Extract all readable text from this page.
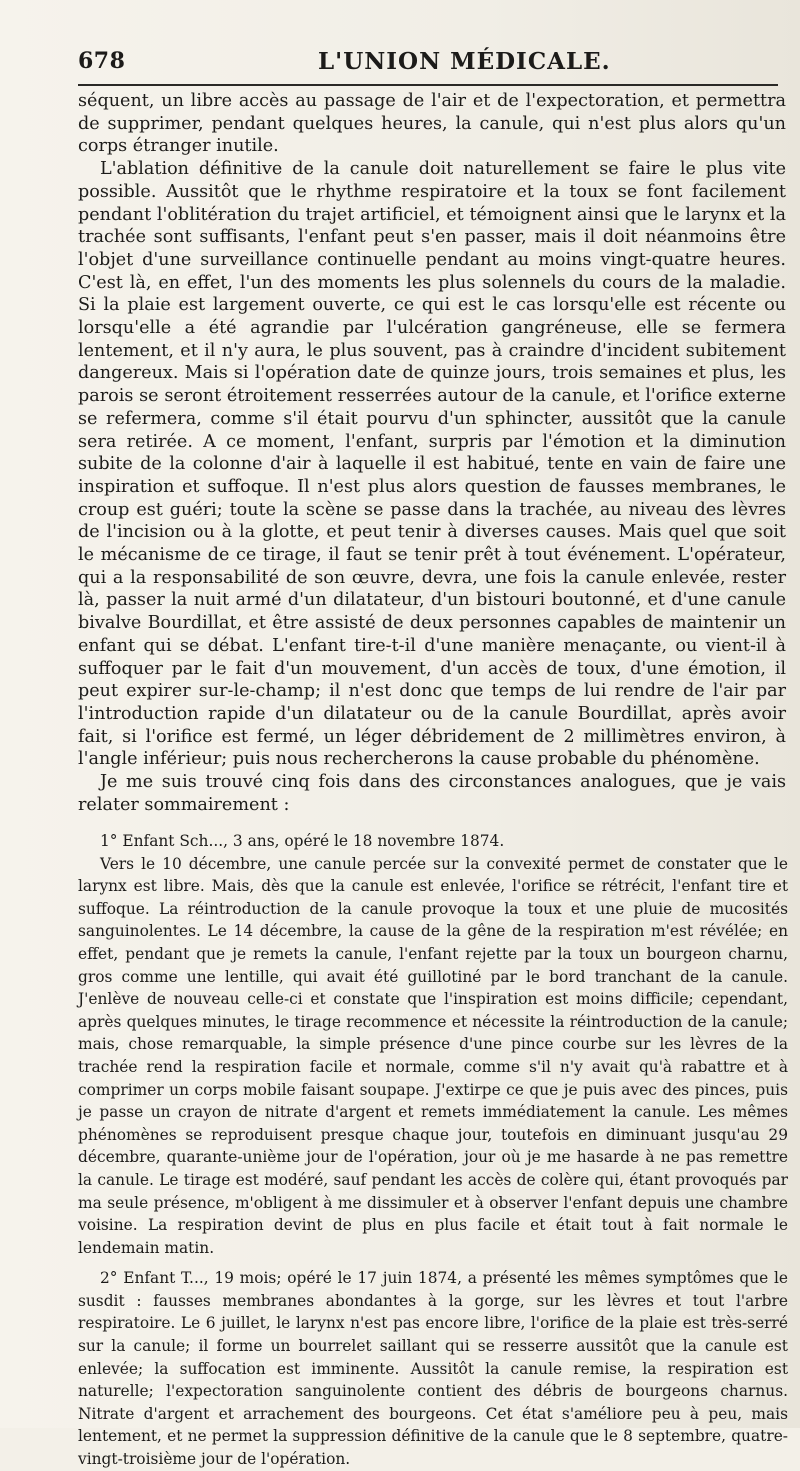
678	L'UNION MÉDICALE.

séquent, un libre accès au passage de l'air et de l'expectoration, et permettra de supprimer, pendant quelques heures, la canule, qui n'est plus alors qu'un corps étranger inutile.

L'ablation définitive de la canule doit naturellement se faire le plus vite possible. Aussitôt que le rhythme respiratoire et la toux se font facilement pendant l'oblitération du trajet artificiel, et témoignent ainsi que le larynx et la trachée sont suffisants, l'enfant peut s'en passer, mais il doit néanmoins être l'objet d'une surveillance continuelle pendant au moins vingt-quatre heures. C'est là, en effet, l'un des moments les plus solennels du cours de la maladie. Si la plaie est largement ouverte, ce qui est le cas lorsqu'elle est récente ou lorsqu'elle a été agrandie par l'ulcération gangréneuse, elle se fermera lentement, et il n'y aura, le plus souvent, pas à craindre d'incident subitement dangereux. Mais si l'opération date de quinze jours, trois semaines et plus, les parois se seront étroitement resserrées autour de la canule, et l'orifice externe se refermera, comme s'il était pourvu d'un sphincter, aussitôt que la canule sera retirée. A ce moment, l'enfant, surpris par l'émotion et la diminution subite de la colonne d'air à laquelle il est habitué, tente en vain de faire une inspiration et suffoque. Il n'est plus alors question de fausses membranes, le croup est guéri; toute la scène se passe dans la trachée, au niveau des lèvres de l'incision ou à la glotte, et peut tenir à diverses causes. Mais quel que soit le mécanisme de ce tirage, il faut se tenir prêt à tout événement. L'opérateur, qui a la responsabilité de son œuvre, devra, une fois la canule enlevée, rester là, passer la nuit armé d'un dilatateur, d'un bistouri boutonné, et d'une canule bivalve Bourdillat, et être assisté de deux personnes capables de maintenir un enfant qui se débat. L'enfant tire-t-il d'une manière menaçante, ou vient-il à suffoquer par le fait d'un mouvement, d'un accès de toux, d'une émotion, il peut expirer sur-le-champ; il n'est donc que temps de lui rendre de l'air par l'introduction rapide d'un dilatateur ou de la canule Bourdillat, après avoir fait, si l'orifice est fermé, un léger débridement de 2 millimètres environ, à l'angle inférieur; puis nous rechercherons la cause probable du phénomène.

Je me suis trouvé cinq fois dans des circonstances analogues, que je vais relater sommairement :

1° Enfant Sch..., 3 ans, opéré le 18 novembre 1874.

Vers le 10 décembre, une canule percée sur la convexité permet de constater que le larynx est libre. Mais, dès que la canule est enlevée, l'orifice se rétrécit, l'enfant tire et suffoque. La réintroduction de la canule provoque la toux et une pluie de mucosités sanguinolentes. Le 14 décembre, la cause de la gêne de la respiration m'est révélée; en effet, pendant que je remets la canule, l'enfant rejette par la toux un bourgeon charnu, gros comme une lentille, qui avait été guillotiné par le bord tranchant de la canule. J'enlève de nouveau celle-ci et constate que l'inspiration est moins difficile; cependant, après quelques minutes, le tirage recommence et nécessite la réintroduction de la canule; mais, chose remarquable, la simple présence d'une pince courbe sur les lèvres de la trachée rend la respiration facile et normale, comme s'il n'y avait qu'à rabattre et à comprimer un corps mobile faisant soupape. J'extirpe ce que je puis avec des pinces, puis je passe un crayon de nitrate d'argent et remets immédiatement la canule. Les mêmes phénomènes se reproduisent presque chaque jour, toutefois en diminuant jusqu'au 29 décembre, quarante-unième jour de l'opération, jour où je me hasarde à ne pas remettre la canule. Le tirage est modéré, sauf pendant les accès de colère qui, étant provoqués par ma seule présence, m'obligent à me dissimuler et à observer l'enfant depuis une chambre voisine. La respiration devint de plus en plus facile et était tout à fait normale le lendemain matin.

2° Enfant T..., 19 mois; opéré le 17 juin 1874, a présenté les mêmes symptômes que le susdit : fausses membranes abondantes à la gorge, sur les lèvres et tout l'arbre respiratoire. Le 6 juillet, le larynx n'est pas encore libre, l'orifice de la plaie est très-serré sur la canule; il forme un bourrelet saillant qui se resserre aussitôt que la canule est enlevée; la suffocation est imminente. Aussitôt la canule remise, la respiration est naturelle; l'expectoration sanguinolente contient des débris de bourgeons charnus. Nitrate d'argent et arrachement des bourgeons. Cet état s'améliore peu à peu, mais lentement, et ne permet la suppression définitive de la canule que le 8 septembre, quatre-vingt-troisième jour de l'opération.
